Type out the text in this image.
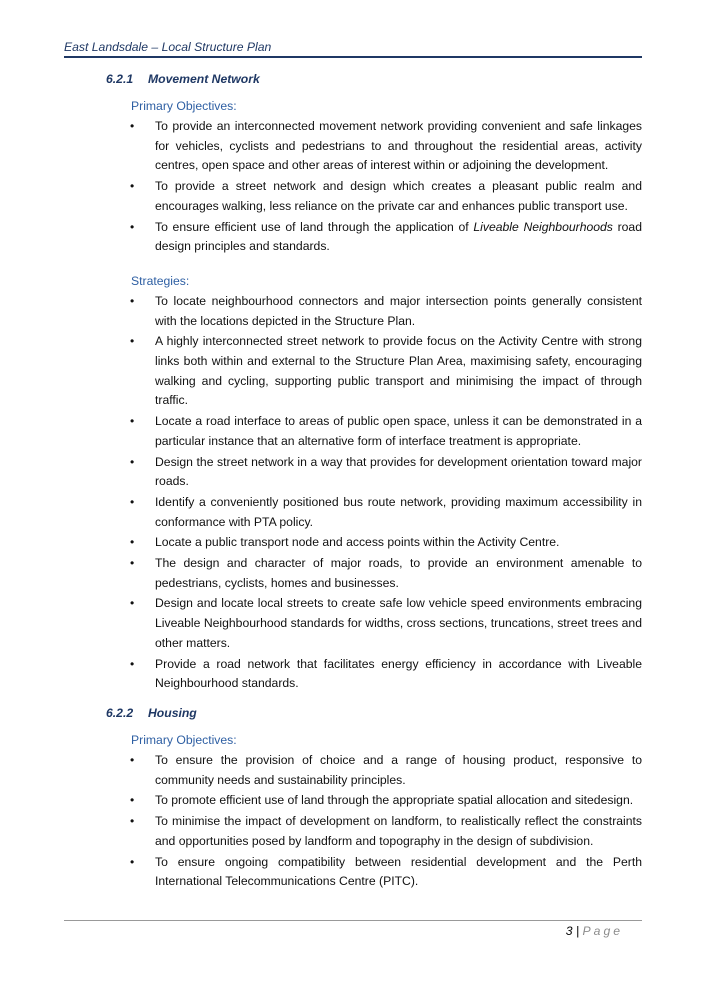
East Landsdale – Local Structure Plan
6.2.1 Movement Network
Primary Objectives:
• To provide an interconnected movement network providing convenient and safe linkages for vehicles, cyclists and pedestrians to and throughout the residential areas, activity centres, open space and other areas of interest within or adjoining the development.
• To provide a street network and design which creates a pleasant public realm and encourages walking, less reliance on the private car and enhances public transport use.
• To ensure efficient use of land through the application of Liveable Neighbourhoods road design principles and standards.
Strategies:
• To locate neighbourhood connectors and major intersection points generally consistent with the locations depicted in the Structure Plan.
• A highly interconnected street network to provide focus on the Activity Centre with strong links both within and external to the Structure Plan Area, maximising safety, encouraging walking and cycling, supporting public transport and minimising the impact of through traffic.
• Locate a road interface to areas of public open space, unless it can be demonstrated in a particular instance that an alternative form of interface treatment is appropriate.
• Design the street network in a way that provides for development orientation toward major roads.
• Identify a conveniently positioned bus route network, providing maximum accessibility in conformance with PTA policy.
• Locate a public transport node and access points within the Activity Centre.
• The design and character of major roads, to provide an environment amenable to pedestrians, cyclists, homes and businesses.
• Design and locate local streets to create safe low vehicle speed environments embracing Liveable Neighbourhood standards for widths, cross sections, truncations, street trees and other matters.
• Provide a road network that facilitates energy efficiency in accordance with Liveable Neighbourhood standards.
6.2.2 Housing
Primary Objectives:
• To ensure the provision of choice and a range of housing product, responsive to community needs and sustainability principles.
• To promote efficient use of land through the appropriate spatial allocation and sitedesign.
• To minimise the impact of development on landform, to realistically reflect the constraints and opportunities posed by landform and topography in the design of subdivision.
• To ensure ongoing compatibility between residential development and the Perth International Telecommunications Centre (PITC).
3 | Page
